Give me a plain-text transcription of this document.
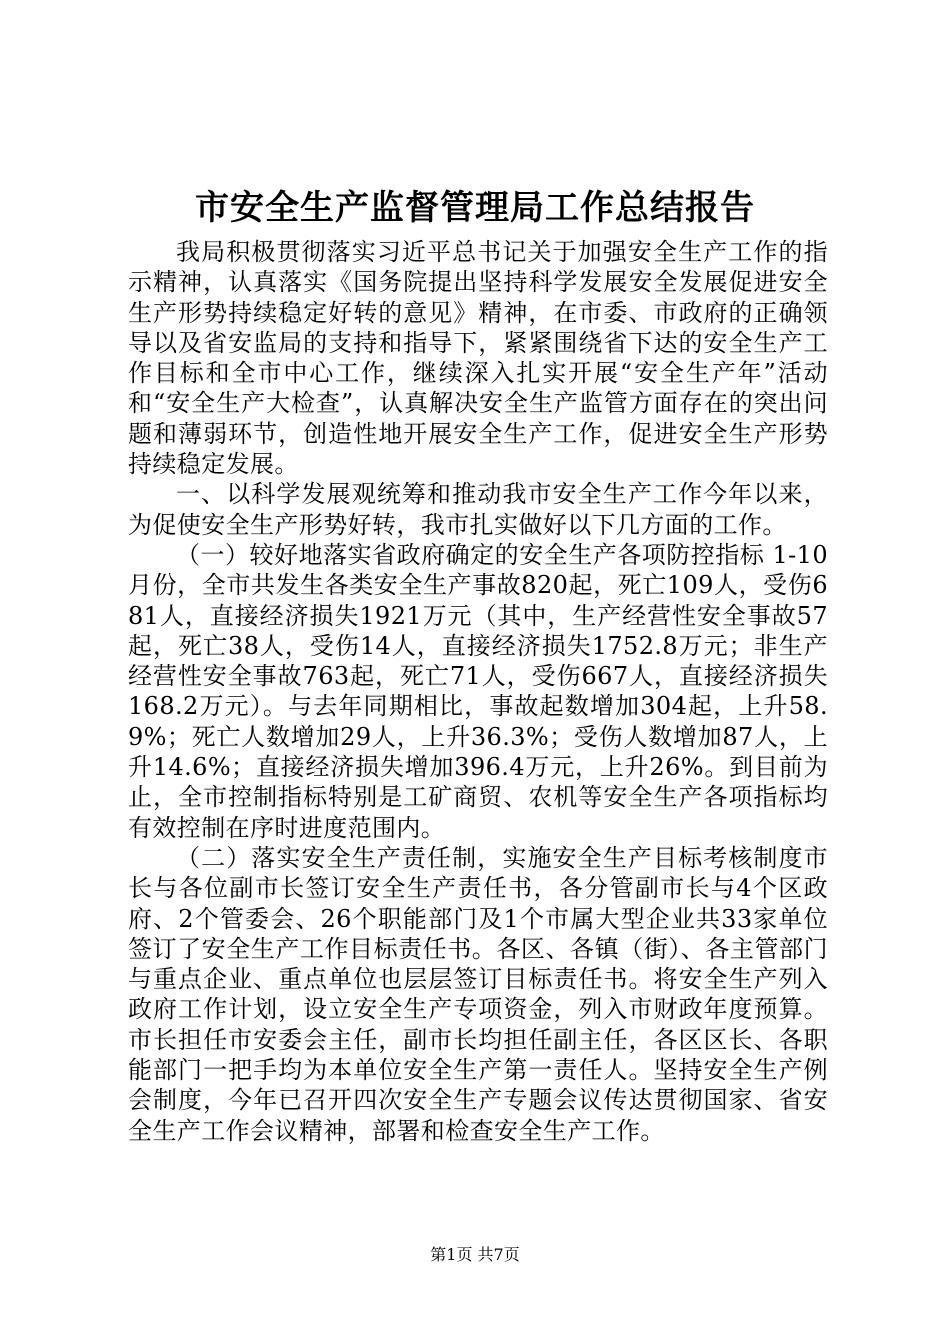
市安全生产监督管理局工作总结报告

我局积极贯彻落实习近平总书记关于加强安全生产工作的指示精神，认真落实《国务院提出坚持科学发展安全发展促进安全生产形势持续稳定好转的意见》精神，在市委、市政府的正确领导以及省安监局的支持和指导下，紧紧围绕省下达的安全生产工作目标和全市中心工作，继续深入扎实开展“安全生产年”活动和“安全生产大检查”，认真解决安全生产监管方面存在的突出问题和薄弱环节，创造性地开展安全生产工作，促进安全生产形势持续稳定发展。

一、以科学发展观统筹和推动我市安全生产工作今年以来，为促使安全生产形势好转，我市扎实做好以下几方面的工作。

（一）较好地落实省政府确定的安全生产各项防控指标 1-10月份，全市共发生各类安全生产事故820起，死亡109人，受伤681人，直接经济损失1921万元（其中，生产经营性安全事故57起，死亡38人，受伤14人，直接经济损失1752.8万元；非生产经营性安全事故763起，死亡71人，受伤667人，直接经济损失168.2万元）。与去年同期相比，事故起数增加304起，上升58.9%；死亡人数增加29人，上升36.3%；受伤人数增加87人，上升14.6%；直接经济损失增加396.4万元，上升26%。到目前为止，全市控制指标特别是工矿商贸、农机等安全生产各项指标均有效控制在序时进度范围内。

（二）落实安全生产责任制，实施安全生产目标考核制度市长与各位副市长签订安全生产责任书，各分管副市长与4个区政府、2个管委会、26个职能部门及1个市属大型企业共33家单位签订了安全生产工作目标责任书。各区、各镇（街）、各主管部门与重点企业、重点单位也层层签订目标责任书。将安全生产列入政府工作计划，设立安全生产专项资金，列入市财政年度预算。市长担任市安委会主任，副市长均担任副主任，各区区长、各职能部门一把手均为本单位安全生产第一责任人。坚持安全生产例会制度，今年已召开四次安全生产专题会议传达贯彻国家、省安全生产工作会议精神，部署和检查安全生产工作。

第1页 共7页
